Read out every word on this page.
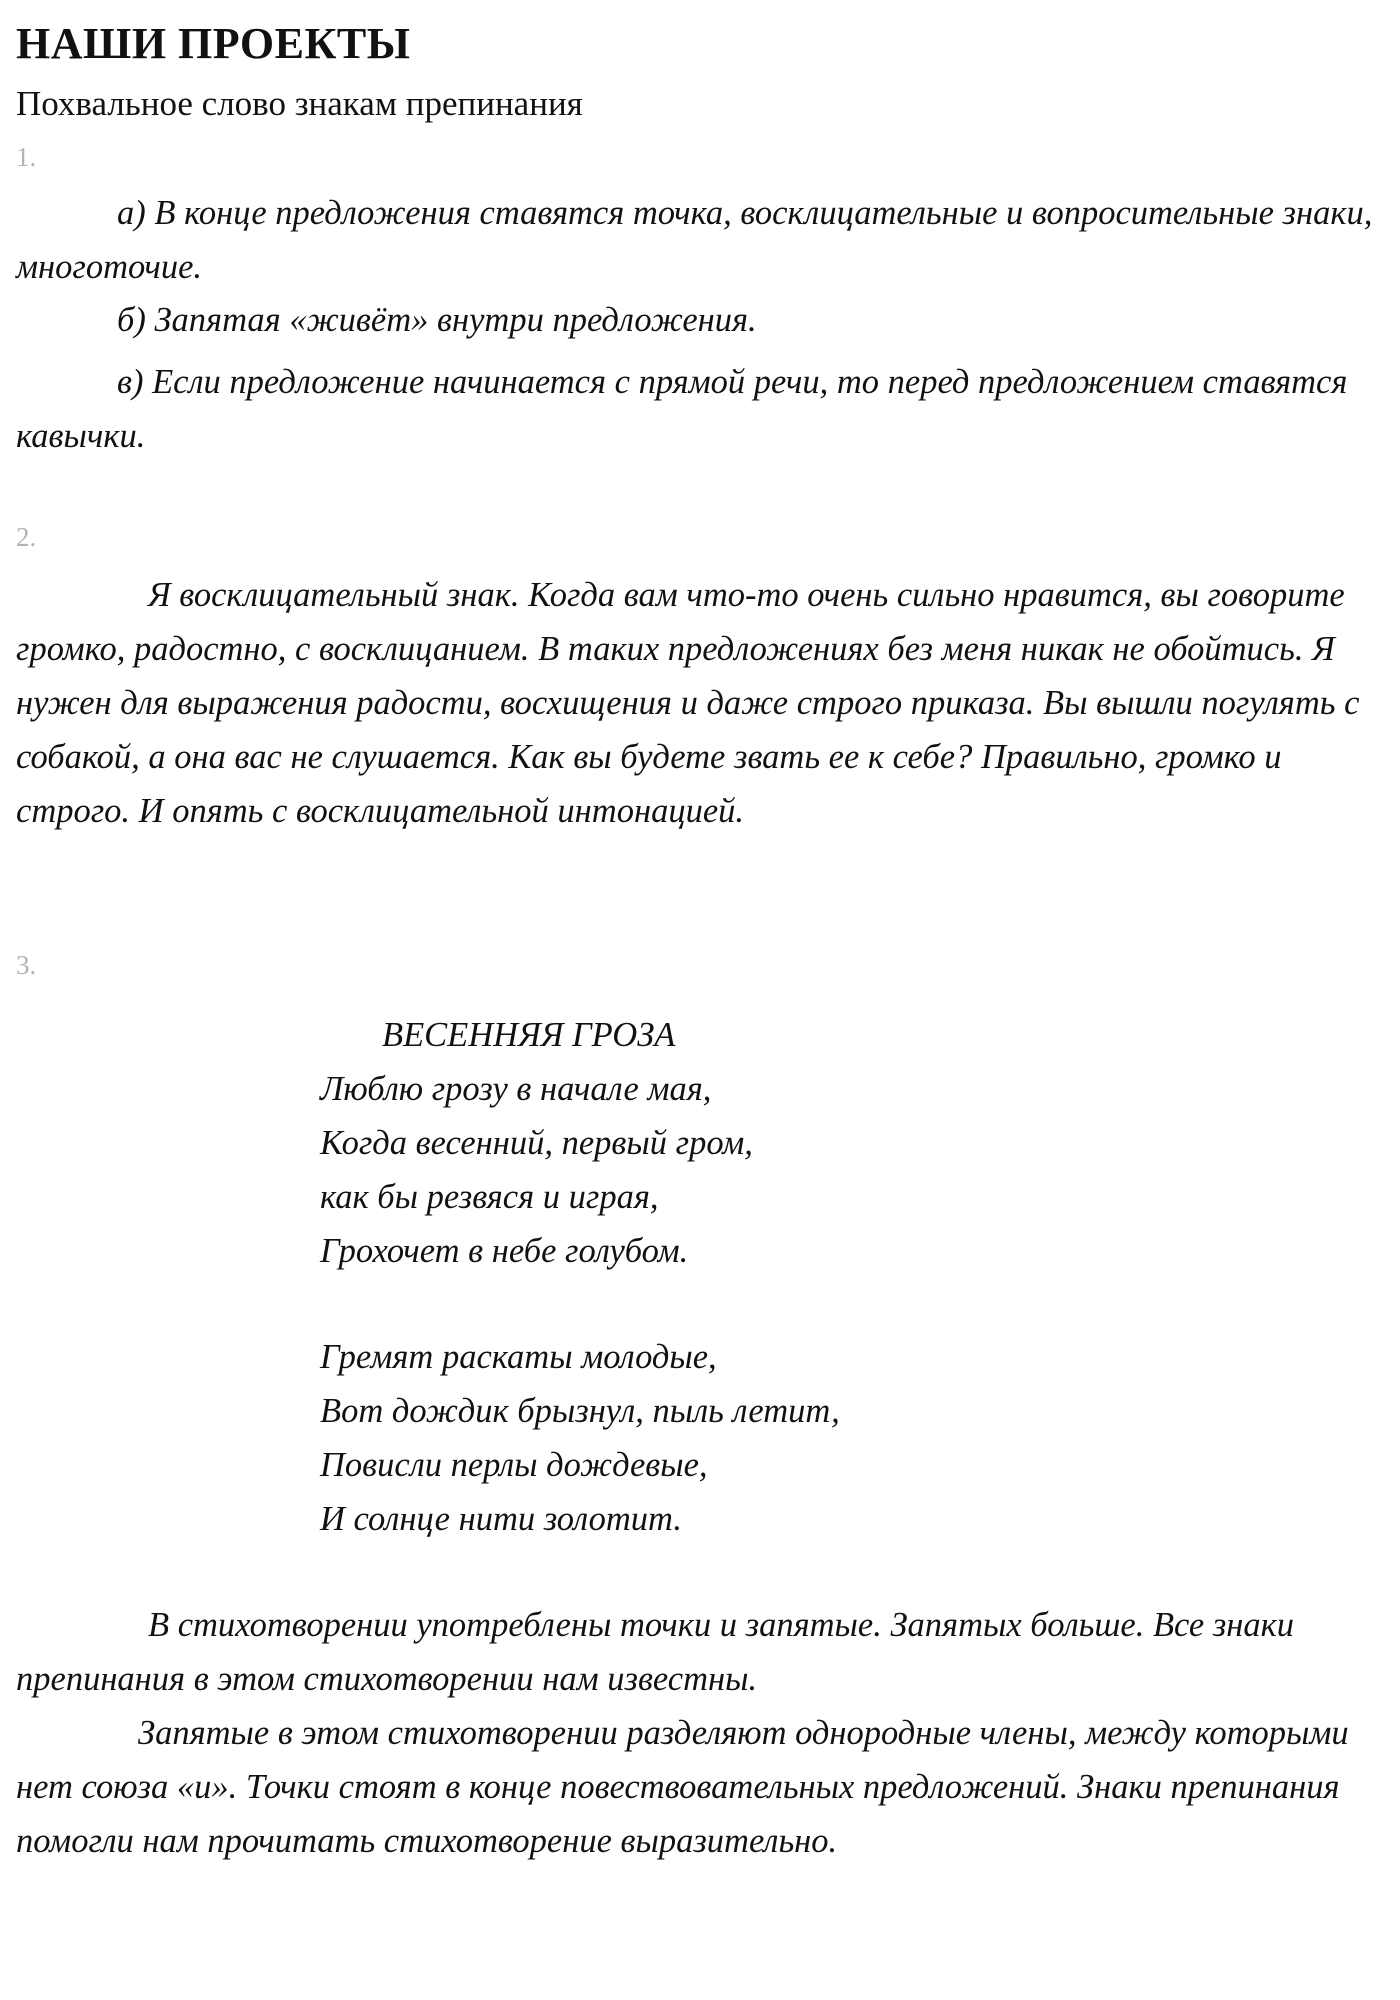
НАШИ ПРОЕКТЫ

Похвальное слово знакам препинания

1.

а) В конце предложения ставятся точка, восклицательные и вопросительные знаки, многоточие.

б) Запятая «живёт» внутри предложения.

в) Если предложение начинается с прямой речи, то перед предложением ставятся кавычки.

2.

Я восклицательный знак. Когда вам что-то очень сильно нравится, вы говорите громко, радостно, с восклицанием. В таких предложениях без меня никак не обойтись. Я нужен для выражения радости, восхищения и даже строго приказа. Вы вышли погулять с собакой, а она вас не слушается. Как вы будете звать ее к себе? Правильно, громко и строго. И опять с восклицательной интонацией.

3.

ВЕСЕННЯЯ ГРОЗА

Люблю грозу в начале мая,
Когда весенний, первый гром,
как бы резвяся и играя,
Грохочет в небе голубом.
Гремят раскаты молодые,
Вот дождик брызнул, пыль летит,
Повисли перлы дождевые,
И солнце нити золотит.

В стихотворении употреблены точки и запятые. Запятых больше. Все знаки препинания в этом стихотворении нам известны.

Запятые в этом стихотворении разделяют однородные члены, между которыми нет союза «и». Точки стоят в конце повествовательных предложений. Знаки препинания помогли нам прочитать стихотворение выразительно.
